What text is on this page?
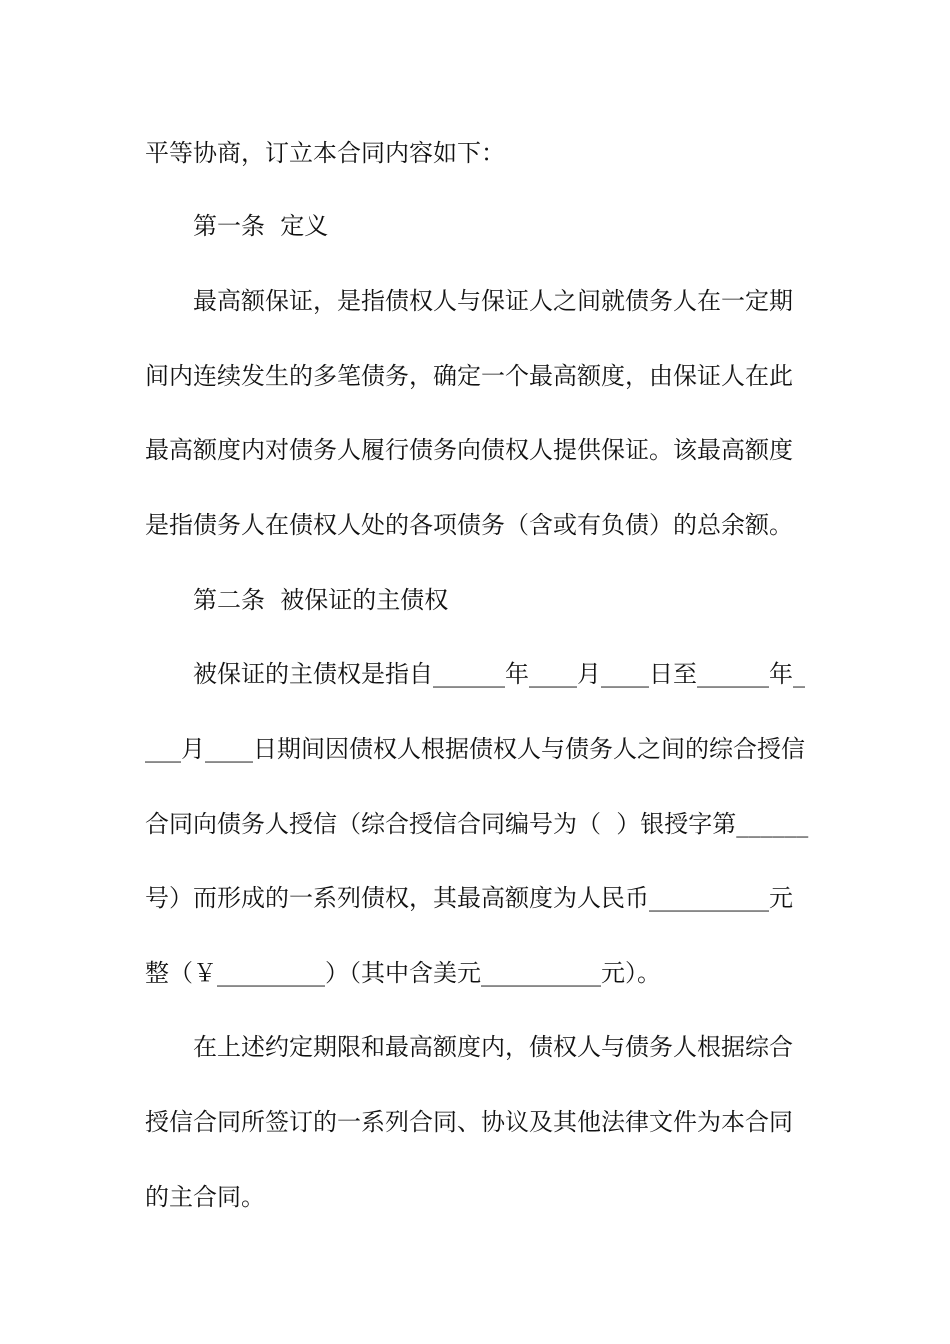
平等协商，订立本合同内容如下：
第一条  定义
最高额保证，是指债权人与保证人之间就债务人在一定期
间内连续发生的多笔债务，确定一个最高额度，由保证人在此
最高额度内对债务人履行债务向债权人提供保证。该最高额度
是指债务人在债权人处的各项债务（含或有负债）的总余额。
第二条  被保证的主债权
被保证的主债权是指自______年____月____日至______年_
___月____日期间因债权人根据债权人与债务人之间的综合授信
合同向债务人授信（综合授信合同编号为（  ）银授字第______
号）而形成的一系列债权，其最高额度为人民币__________元
整（￥_________）（其中含美元__________元）。
在上述约定期限和最高额度内，债权人与债务人根据综合
授信合同所签订的一系列合同、协议及其他法律文件为本合同
的主合同。
